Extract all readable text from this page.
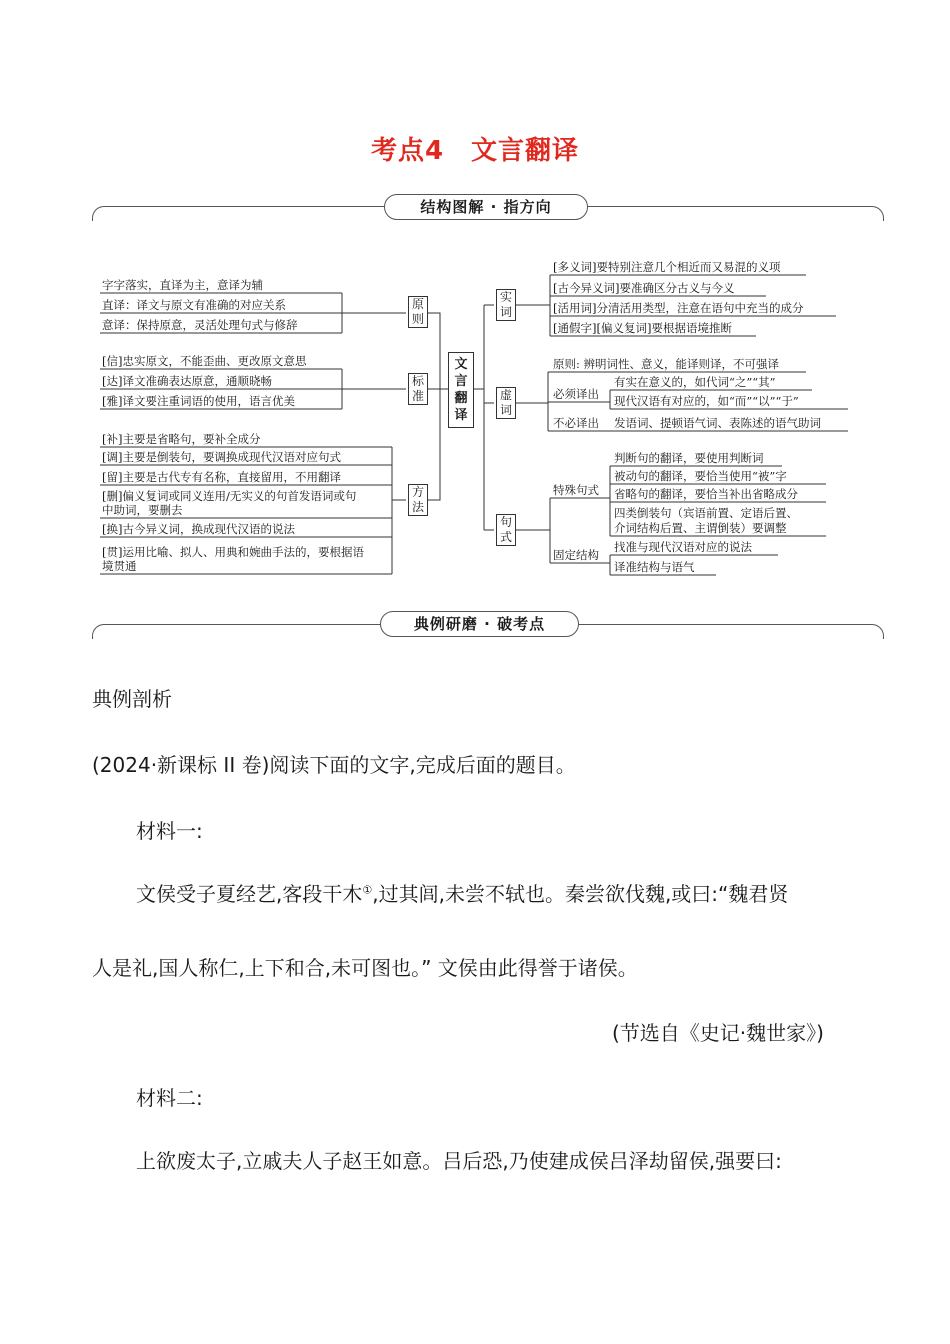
考点4　文言翻译
结构图解 · 指方向
文言翻译
原则
标准
方法
实词
虚词
句式
字字落实，直译为主，意译为辅
直译：译文与原文有准确的对应关系
意译：保持原意，灵活处理句式与修辞
[信]忠实原文，不能歪曲、更改原文意思
[达]译文准确表达原意，通顺晓畅
[雅]译文要注重词语的使用，语言优美
[补]主要是省略句，要补全成分
[调]主要是倒装句，要调换成现代汉语对应句式
[留]主要是古代专有名称，直接留用，不用翻译
[删]偏义复词或同义连用/无实义的句首发语词或句
中助词，要删去
[换]古今异义词，换成现代汉语的说法
[贯]运用比喻、拟人、用典和婉曲手法的，要根据语
境贯通
[多义词]要特别注意几个相近而又易混的义项
[古今异义词]要准确区分古义与今义
[活用词]分清活用类型，注意在语句中充当的成分
[通假字][偏义复词]要根据语境推断
原则: 辨明词性、意义，能译则译，不可强译
必须译出
有实在意义的，如代词“之”“其”
现代汉语有对应的，如“而”“以”“于”
不必译出 发语词、提顿语气词、表陈述的语气助词
特殊句式
判断句的翻译，要使用判断词
被动句的翻译，要恰当使用“被”字
省略句的翻译，要恰当补出省略成分
四类倒装句（宾语前置、定语后置、
介词结构后置、主谓倒装）要调整
固定结构
找准与现代汉语对应的说法
译准结构与语气
典例研磨 · 破考点
典例剖析
(2024·新课标 II 卷)阅读下面的文字,完成后面的题目。
材料一:
文侯受子夏经艺,客段干木①,过其闾,未尝不轼也。秦尝欲伐魏,或曰:“魏君贤
人是礼,国人称仁,上下和合,未可图也。” 文侯由此得誉于诸侯。
(节选自《史记·魏世家》)
材料二:
上欲废太子,立戚夫人子赵王如意。吕后恐,乃使建成侯吕泽劫留侯,强要曰:
